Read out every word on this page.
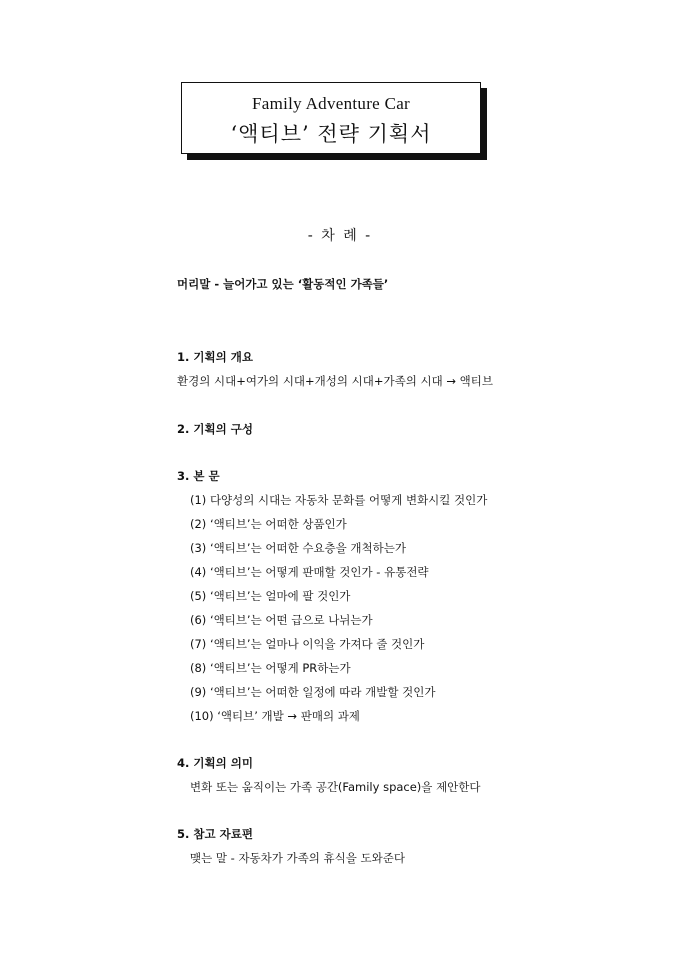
Family Adventure Car
‘액티브’ 전략 기획서
- 차 례 -
머리말 - 늘어가고 있는 ‘활동적인 가족들’
1. 기획의 개요
환경의 시대+여가의 시대+개성의 시대+가족의 시대 → 액티브
2. 기획의 구성
3. 본 문
(1) 다양성의 시대는 자동차 문화를 어떻게 변화시킬 것인가
(2) ‘액티브’는 어떠한 상품인가
(3) ‘액티브’는 어떠한 수요층을 개척하는가
(4) ‘액티브’는 어떻게 판매할 것인가 - 유통전략
(5) ‘액티브’는 얼마에 팔 것인가
(6) ‘액티브’는 어떤 급으로 나뉘는가
(7) ‘액티브’는 얼마나 이익을 가져다 줄 것인가
(8) ‘액티브’는 어떻게 PR하는가
(9) ‘액티브’는 어떠한 일정에 따라 개발할 것인가
(10) ‘액티브’ 개발 → 판매의 과제
4. 기획의 의미
변화 또는 움직이는 가족 공간(Family space)을 제안한다
5. 참고 자료편
맺는 말 - 자동차가 가족의 휴식을 도와준다
